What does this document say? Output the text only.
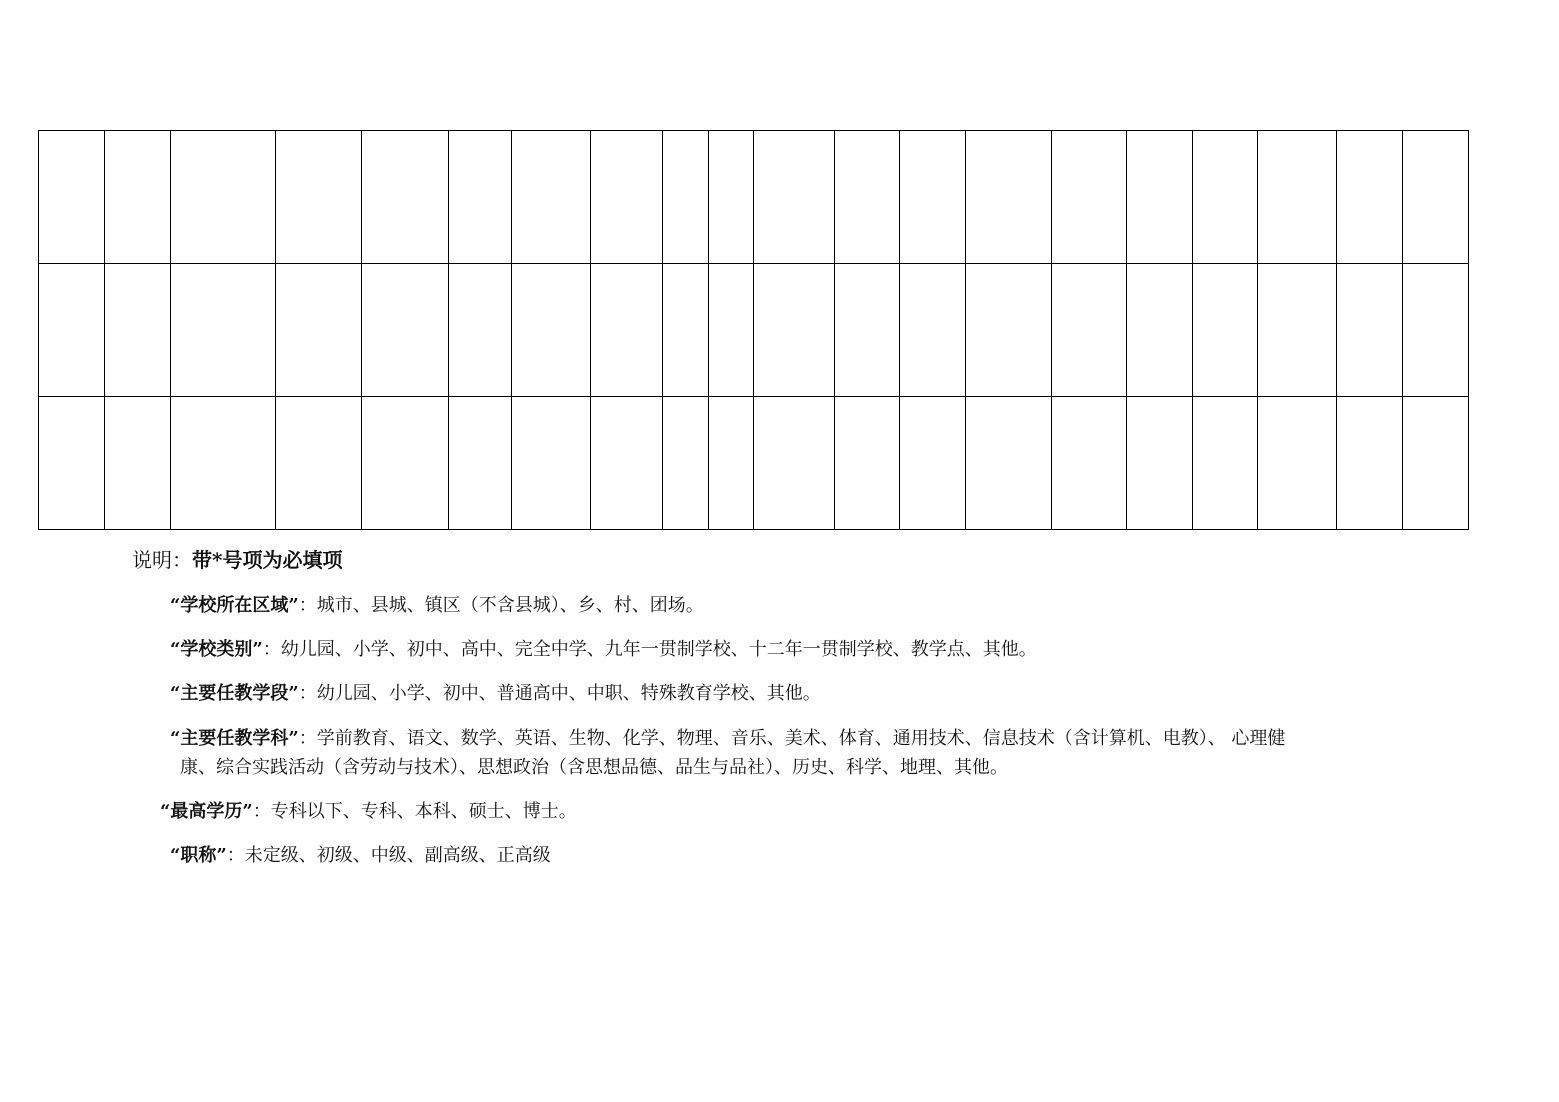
说明：带*号项为必填项
“学校所在区域”：城市、县城、镇区（不含县城）、乡、村、团场。
“学校类别”：幼儿园、小学、初中、高中、完全中学、九年一贯制学校、十二年一贯制学校、教学点、其他。
“主要任教学段”：幼儿园、小学、初中、普通高中、中职、特殊教育学校、其他。
“主要任教学科”：学前教育、语文、数学、英语、生物、化学、物理、音乐、美术、体育、通用技术、信息技术（含计算机、电教）、 心理健
康、综合实践活动（含劳动与技术）、思想政治（含思想品德、品生与品社）、历史、科学、地理、其他。
“最高学历”：专科以下、专科、本科、硕士、博士。
“职称”：未定级、初级、中级、副高级、正高级
